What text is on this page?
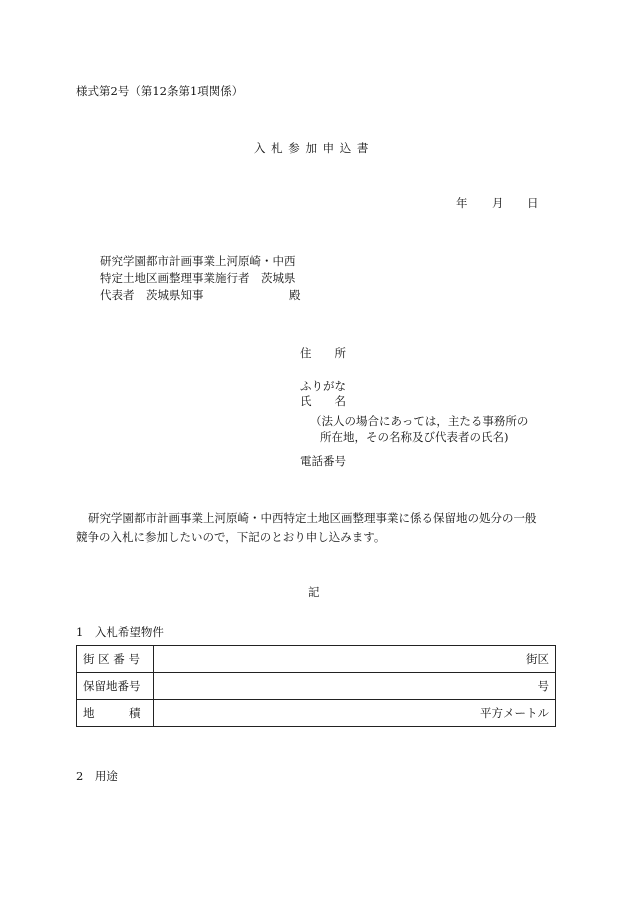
様式第2号（第12条第1項関係）
入 札 参 加 申 込 書
年 月 日
研究学園都市計画事業上河原崎・中西
特定土地区画整理事業施行者　茨城県
代表者　茨城県知事	殿
住　　所
ふりがな
氏　　名
（法人の場合にあっては，主たる事務所の
所在地，その名称及び代表者の氏名)
電話番号
研究学園都市計画事業上河原崎・中西特定土地区画整理事業に係る保留地の処分の一般
競争の入札に参加したいので，下記のとおり申し込みます。
記
1　入札希望物件
街 区 番 号	街区
保留地番号	号
地　　　積	平方メートル
2　用途
